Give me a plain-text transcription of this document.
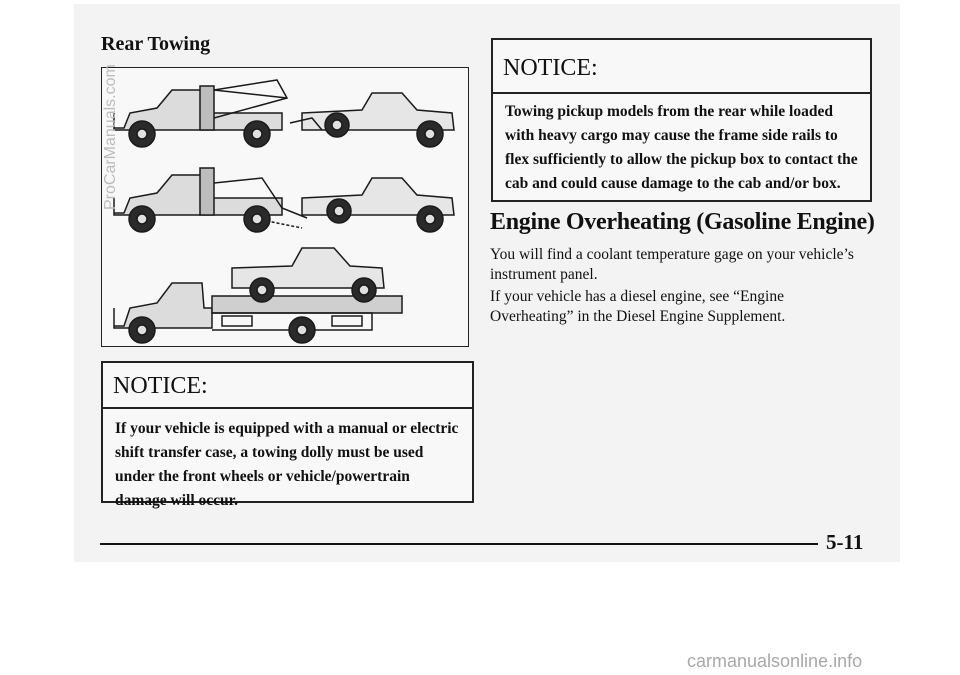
Rear Towing
NOTICE:
If your vehicle is equipped with a manual or electric shift transfer case, a towing dolly must be used under the front wheels or vehicle/powertrain damage will occur.
NOTICE:
Towing pickup models from the rear while loaded with heavy cargo may cause the frame side rails to flex sufficiently to allow the pickup box to contact the cab and could cause damage to the cab and/or box.
Engine Overheating (Gasoline Engine)
You will find a coolant temperature gage on your vehicle’s instrument panel.
If your vehicle has a diesel engine, see “Engine Overheating” in the Diesel Engine Supplement.
5-11
ProCarManuals.com
carmanualsonline.info
